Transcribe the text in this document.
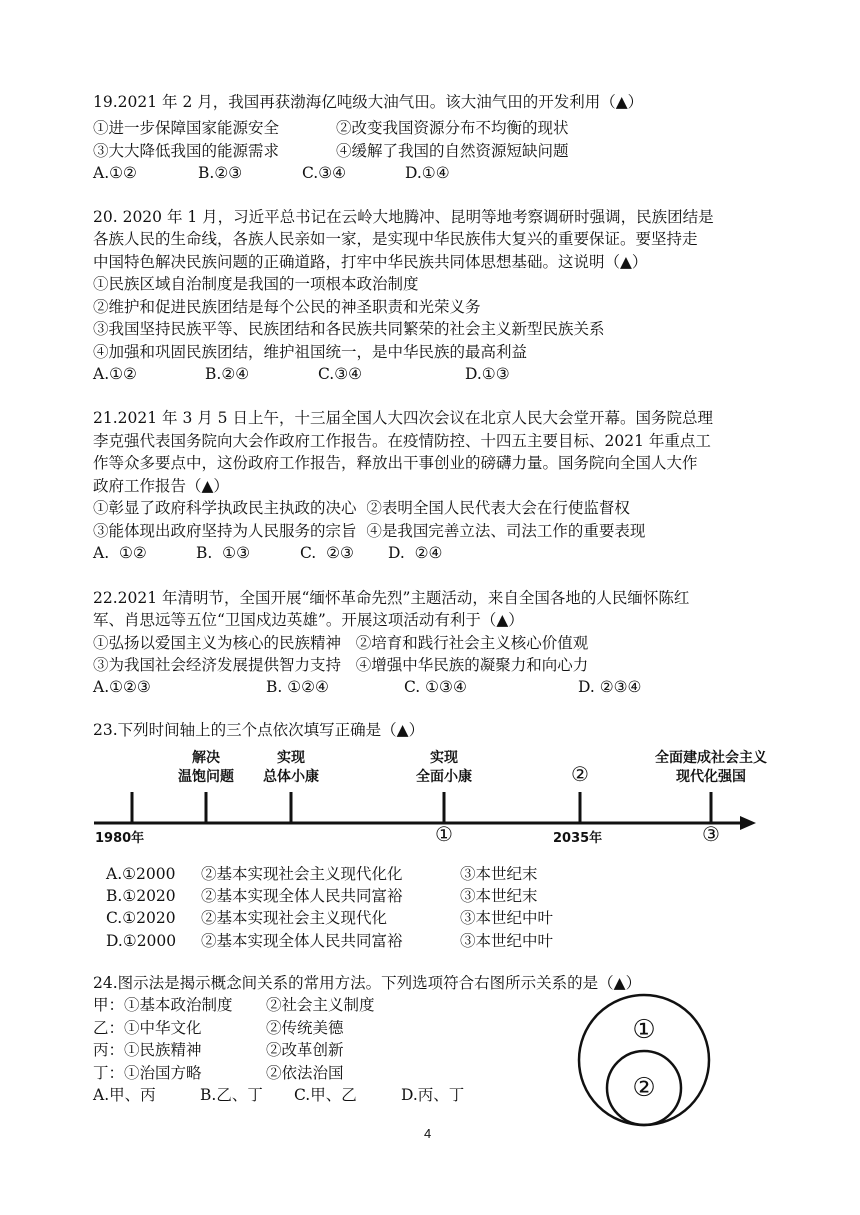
19.2021 年 2 月，我国再获渤海亿吨级大油气田。该大油气田的开发利用（▲）
①进一步保障国家能源安全	②改变我国资源分布不均衡的现状
③大大降低我国的能源需求	④缓解了我国的自然资源短缺问题
A.①②	B.②③	C.③④	D.①④
20. 2020 年 1 月，习近平总书记在云岭大地腾冲、昆明等地考察调研时强调，民族团结是
各族人民的生命线，各族人民亲如一家，是实现中华民族伟大复兴的重要保证。要坚持走
中国特色解决民族问题的正确道路，打牢中华民族共同体思想基础。这说明（▲）
①民族区域自治制度是我国的一项根本政治制度
②维护和促进民族团结是每个公民的神圣职责和光荣义务
③我国坚持民族平等、民族团结和各民族共同繁荣的社会主义新型民族关系
④加强和巩固民族团结，维护祖国统一，是中华民族的最高利益
A.①②	B.②④	C.③④	D.①③
21.2021 年 3 月 5 日上午，十三届全国人大四次会议在北京人民大会堂开幕。国务院总理
李克强代表国务院向大会作政府工作报告。在疫情防控、十四五主要目标、2021 年重点工
作等众多要点中，这份政府工作报告，释放出干事创业的磅礴力量。国务院向全国人大作
政府工作报告（▲）
①彰显了政府科学执政民主执政的决心  ②表明全国人民代表大会在行使监督权
③能体现出政府坚持为人民服务的宗旨  ④是我国完善立法、司法工作的重要表现
A.  ①②	B.  ①③	C.  ②③ D.  ②④
22.2021 年清明节，全国开展“缅怀革命先烈”主题活动，来自全国各地的人民缅怀陈红
军、肖思远等五位“卫国戍边英雄”。开展这项活动有利于（▲）
①弘扬以爱国主义为核心的民族精神   ②培育和践行社会主义核心价值观
③为我国社会经济发展提供智力支持   ④增强中华民族的凝聚力和向心力
A.①②③	B. ①②④	C. ①③④	D. ②③④
23.下列时间轴上的三个点依次填写正确是（▲）
解决
温饱问题
实现
总体小康
实现
全面小康	②
全面建成社会主义
现代化强国
1980年	①	2035年	③
A.①2000 ②基本实现社会主义现代化化	③本世纪末
B.①2020 ②基本实现全体人民共同富裕	③本世纪末
C.①2020 ②基本实现社会主义现代化	③本世纪中叶
D.①2000 ②基本实现全体人民共同富裕	③本世纪中叶
24.图示法是揭示概念间关系的常用方法。下列选项符合右图所示关系的是（▲）
甲：①基本政治制度 ②社会主义制度
乙：①中华文化	②传统美德
丙：①民族精神	②改革创新
丁：①治国方略	②依法治国
A.甲、丙	B.乙、丁 C.甲、乙	D.丙、丁
①
②
4
